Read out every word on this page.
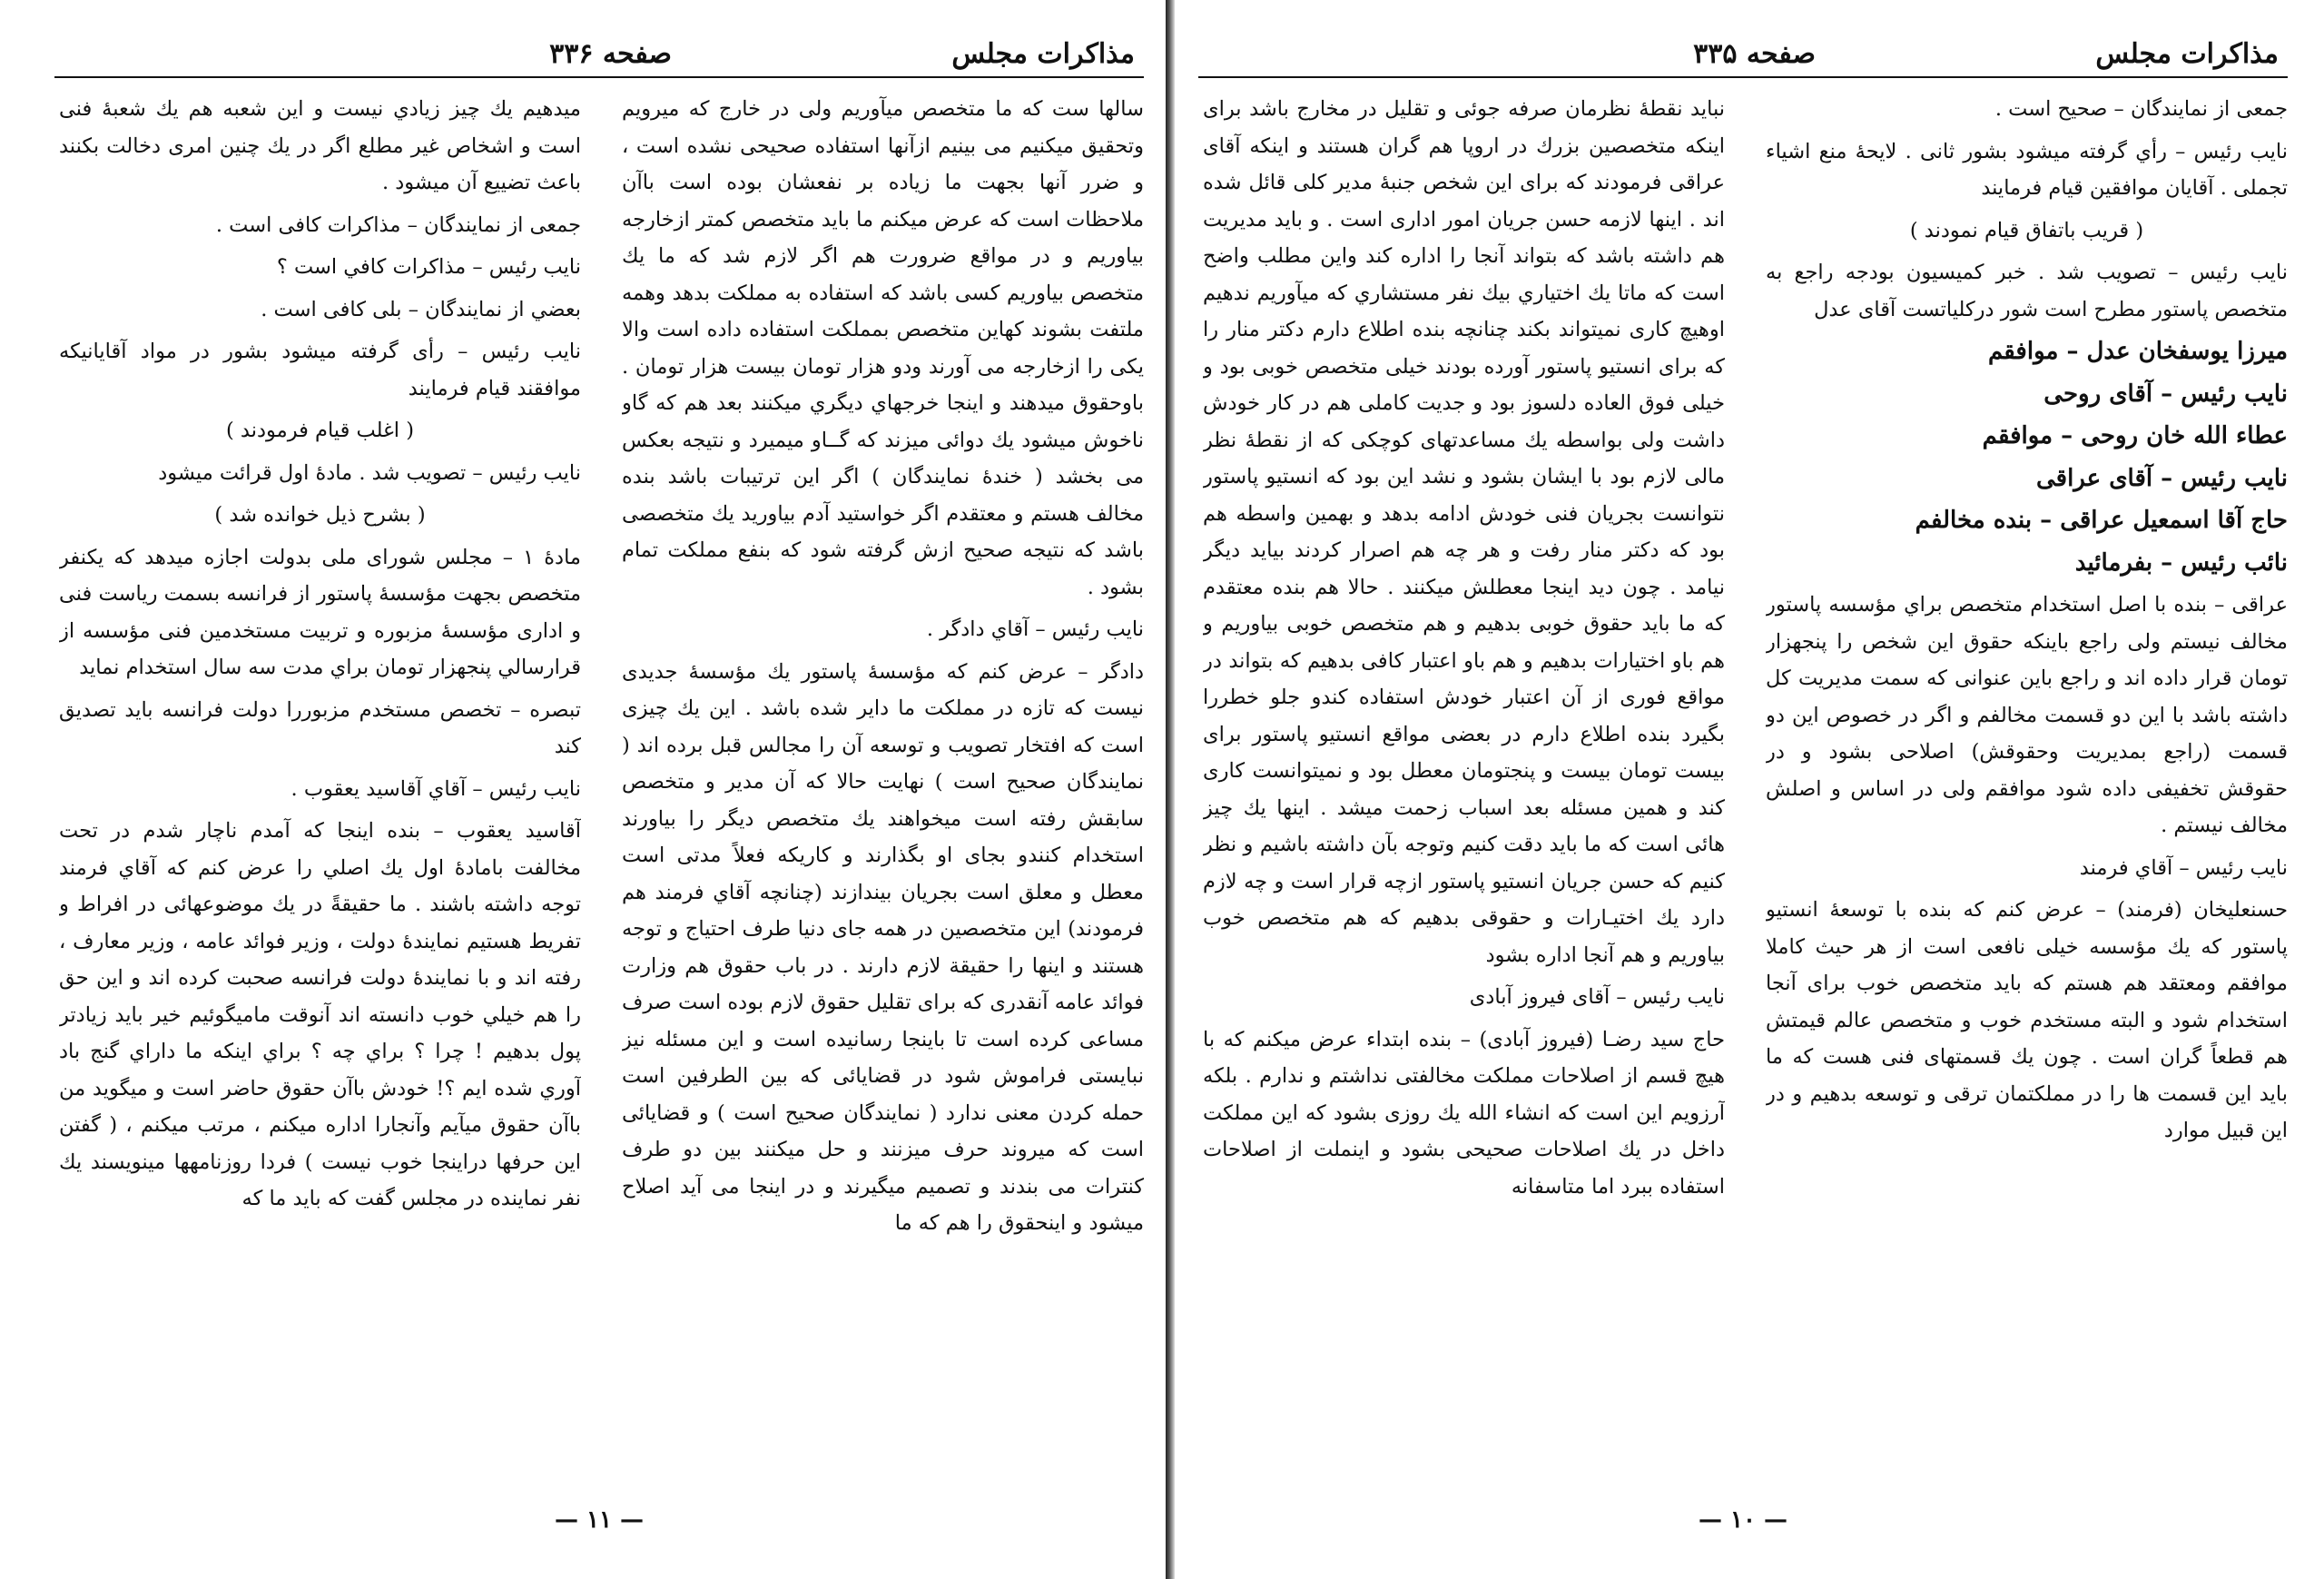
مذاکرات مجلس
صفحه ۳۳۵

جمعی از نمایندگان – صحیح است .

نایب رئیس – رأي گرفته میشود بشور ثانی . لایحهٔ منع اشیاء تجملی . آقایان موافقین قیام فرمایند

( قریب باتفاق قیام نمودند )

نایب رئیس – تصویب شد . خبر کمیسیون بودجه راجع به متخصص پاستور مطرح است شور درکلیاتست آقای عدل

میرزا یوسفخان عدل – موافقم

نایب رئیس – آقای روحی

عطاء الله خان روحی – موافقم

نایب رئیس – آقای عراقی

حاج آقا اسمعیل عراقی – بنده مخالفم

نائب رئیس – بفرمائید

عراقی – بنده با اصل استخدام متخصص براي مؤسسه پاستور مخالف نیستم ولی راجع باینکه حقوق این شخص را پنجهزار تومان قرار داده اند و راجع باین عنوانی که سمت مدیریت کل داشته باشد با این دو قسمت مخالفم و اگر در خصوص این دو قسمت (راجع بمدیریت وحقوقش) اصلاحی بشود و در حقوقش تخفیفی داده شود موافقم ولی در اساس و اصلش مخالف نیستم .

نایب رئیس – آقاي فرمند

حسنعلیخان (فرمند) – عرض کنم که بنده با توسعهٔ انستیو پاستور که یك مؤسسه خیلی نافعی است از هر حیث کاملا موافقم ومعتقد هم هستم که باید متخصص خوب برای آنجا استخدام شود و البته مستخدم خوب و متخصص عالم قیمتش هم قطعاً گران است . چون یك قسمتهای فنی هست که ما باید این قسمت ها را در مملکتمان ترقی و توسعه بدهیم و در این قبیل موارد

نباید نقطهٔ نظرمان صرفه جوئی و تقلیل در مخارج باشد برای اینکه متخصصین بزرك در اروپا هم گران هستند و اینکه آقای عراقی فرمودند که برای این شخص جنبهٔ مدیر کلی قائل شده اند . اینها لازمه حسن جریان امور اداری است . و باید مدیریت هم داشته باشد که بتواند آنجا را اداره کند واین مطلب واضح است که ماتا یك اختیاري بیك نفر مستشاري که میآوریم ندهیم اوهیچ کاری نمیتواند بکند چنانچه بنده اطلاع دارم دکتر منار را که برای انستیو پاستور آورده بودند خیلی متخصص خوبی بود و خیلی فوق العاده دلسوز بود و جدیت کاملی هم در کار خودش داشت ولی بواسطه یك مساعدتهای کوچکی که از نقطهٔ نظر مالی لازم بود با ایشان بشود و نشد این بود که انستیو پاستور نتوانست بجریان فنی خودش ادامه بدهد و بهمین واسطه هم بود که دکتر منار رفت و هر چه هم اصرار کردند بیاید دیگر نیامد . چون دید اینجا معطلش میکنند . حالا هم بنده معتقدم که ما باید حقوق خوبی بدهیم و هم متخصص خوبی بیاوریم و هم باو اختیارات بدهیم و هم باو اعتبار کافی بدهیم که بتواند در مواقع فوری از آن اعتبار خودش استفاده کندو جلو خطررا بگیرد بنده اطلاع دارم در بعضی مواقع انستیو پاستور برای بیست تومان بیست و پنجتومان معطل بود و نمیتوانست کاری کند و همین مسئله بعد اسباب زحمت میشد . اینها یك چیز هائی است که ما باید دقت کنیم وتوجه بآن داشته باشیم و نظر کنیم که حسن جریان انستیو پاستور ازچه قرار است و چه لازم دارد یك اختیـارات و حقوقی بدهیم که هم متخصص خوب بیاوریم و هم آنجا اداره بشود

نایب رئیس – آقای فیروز آبادی

حاج سید رضـا (فیروز آبادی) – بنده ابتداء عرض میکنم که با هیچ قسم از اصلاحات مملکت مخالفتی نداشتم و ندارم . بلکه آرزویم این است که انشاء الله یك روزی بشود که این مملکت داخل در یك اصلاحات صحیحی بشود و اینملت از اصلاحات استفاده ببرد اما متاسفانه

— ۱۰ —
مذاکرات مجلس
صفحه ۳۳۶

سالها ست که ما متخصص میآوریم ولی در خارج که میرویم وتحقیق میکنیم می بینیم ازآنها استفاده صحیحی نشده است ، و ضرر آنها بجهت ما زیاده بر نفعشان بوده است باآن ملاحظات است که عرض میکنم ما باید متخصص کمتر ازخارجه بیاوریم و در مواقع ضرورت هم اگر لازم شد که ما یك متخصص بیاوریم کسی باشد که استفاده به مملکت بدهد وهمه ملتفت بشوند کهاین متخصص بمملکت استفاده داده است والا یکی را ازخارجه می آورند ودو هزار تومان بیست هزار تومان . باوحقوق میدهند و اینجا خرجهاي دیگري میکنند بعد هم که گاو ناخوش میشود یك دوائی میزند که گــاو میمیرد و نتیجه بعکس می بخشد ( خندهٔ نمایندگان ) اگر این ترتیبات باشد بنده مخالف هستم و معتقدم اگر خواستید آدم بیاورید یك متخصصی باشد که نتیجه صحیح ازش گرفته شود که بنفع مملکت تمام بشود .

نایب رئیس – آقاي دادگر .

دادگر – عرض کنم که مؤسسهٔ پاستور یك مؤسسهٔ جدیدی نیست که تازه در مملکت ما دایر شده باشد . این یك چیزی است که افتخار تصویب و توسعه آن را مجالس قبل برده اند ( نمایندگان صحیح است ) نهایت حالا که آن مدیر و متخصص سابقش رفته است میخواهند یك متخصص دیگر را بیاورند استخدام کنندو بجای او بگذارند و کاریکه فعلاً مدتی است معطل و معلق است بجریان بیندازند (چنانچه آقاي فرمند هم فرمودند) این متخصصین در همه جای دنیا طرف احتیاج و توجه هستند و اینها را حقیقة لازم دارند . در باب حقوق هم وزارت فوائد عامه آنقدری که برای تقلیل حقوق لازم بوده است صرف مساعی کرده است تا باینجا رسانیده است و این مسئله نیز نبایستی فراموش شود در قضایائی که بین الطرفین است حمله کردن معنی ندارد ( نمایندگان صحیح است ) و قضایائی است که میروند حرف میزنند و حل میکنند بین دو طرف کنترات می بندند و تصمیم میگیرند و در اینجا می آید اصلاح میشود و اینحقوق را هم که ما

میدهیم یك چیز زیادي نیست و این شعبه هم یك شعبهٔ فنی است و اشخاص غیر مطلع اگر در یك چنین امری دخالت بکنند باعث تضییع آن میشود .

جمعی از نمایندگان – مذاکرات کافی است .

نایب رئیس – مذاکرات کافي است ؟

بعضي از نمایندگان – بلی کافی است .

نایب رئیس – رأی گرفته میشود بشور در مواد آقایانیکه موافقند قیام فرمایند

( اغلب قیام فرمودند )

نایب رئیس – تصویب شد . مادهٔ اول قرائت میشود

( بشرح ذیل خوانده شد )

مادهٔ ۱ – مجلس شورای ملی بدولت اجازه میدهد که یکنفر متخصص بجهت مؤسسهٔ پاستور از فرانسه بسمت ریاست فنی و اداری مؤسسهٔ مزبوره و تربیت مستخدمین فنی مؤسسه از قرارسالي پنجهزار تومان براي مدت سه سال استخدام نماید

تبصره – تخصص مستخدم مزبوررا دولت فرانسه باید تصدیق کند

نایب رئیس – آقاي آقاسید یعقوب .

آقاسید یعقوب – بنده اینجا که آمدم ناچار شدم در تحت مخالفت بامادهٔ اول یك اصلي را عرض کنم که آقاي فرمند توجه داشته باشند . ما حقیقةً در یك موضوعهائی در افراط و تفریط هستیم نمایندهٔ دولت ، وزیر فوائد عامه ، وزیر معارف ، رفته اند و با نمایندهٔ دولت فرانسه صحبت کرده اند و این حق را هم خیلي خوب دانسته اند آنوقت مامیگوئیم خیر باید زیادتر پول بدهیم ! چرا ؟ براي چه ؟ براي اینکه ما داراي گنج باد آوري شده ایم ؟! خودش باآن حقوق حاضر است و میگوید من باآن حقوق میآیم وآنجارا اداره میکنم ، مرتب میکنم ، ( گفتن این حرفها دراینجا خوب نیست ) فردا روزنامهها مینویسند یك نفر نماینده در مجلس گفت که باید ما که

— ۱۱ —
